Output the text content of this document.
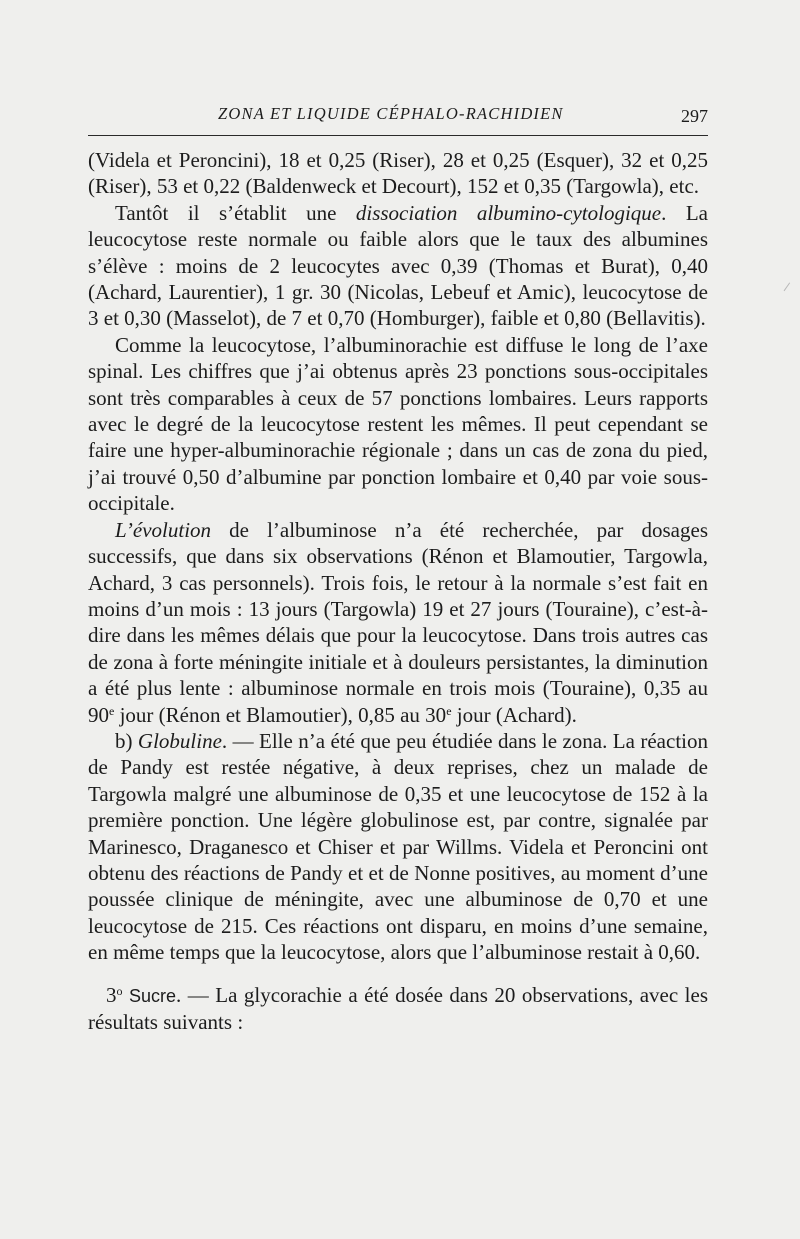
ZONA ET LIQUIDE CÉPHALO-RACHIDIEN	297

(Videla et Peroncini), 18 et 0,25 (Riser), 28 et 0,25 (Esquer), 32 et 0,25 (Riser), 53 et 0,22 (Baldenweck et Decourt), 152 et 0,35 (Targowla), etc.

Tantôt il s’établit une dissociation albumino-cytologique. La leucocytose reste normale ou faible alors que le taux des albumines s’élève : moins de 2 leucocytes avec 0,39 (Thomas et Burat), 0,40 (Achard, Laurentier), 1 gr. 30 (Nicolas, Lebeuf et Amic), leucocytose de 3 et 0,30 (Masselot), de 7 et 0,70 (Homburger), faible et 0,80 (Bellavitis).

Comme la leucocytose, l’albuminorachie est diffuse le long de l’axe spinal. Les chiffres que j’ai obtenus après 23 ponctions sous-occipitales sont très comparables à ceux de 57 ponctions lombaires. Leurs rapports avec le degré de la leucocytose restent les mêmes. Il peut cependant se faire une hyper-albuminorachie régionale ; dans un cas de zona du pied, j’ai trouvé 0,50 d’albumine par ponction lombaire et 0,40 par voie sous-occipitale.

L’évolution de l’albuminose n’a été recherchée, par dosages successifs, que dans six observations (Rénon et Blamoutier, Targowla, Achard, 3 cas personnels). Trois fois, le retour à la normale s’est fait en moins d’un mois : 13 jours (Targowla) 19 et 27 jours (Touraine), c’est-à-dire dans les mêmes délais que pour la leucocytose. Dans trois autres cas de zona à forte méningite initiale et à douleurs persistantes, la diminution a été plus lente : albuminose normale en trois mois (Touraine), 0,35 au 90e jour (Rénon et Blamoutier), 0,85 au 30e jour (Achard).

b) Globuline. — Elle n’a été que peu étudiée dans le zona. La réaction de Pandy est restée négative, à deux reprises, chez un malade de Targowla malgré une albuminose de 0,35 et une leucocytose de 152 à la première ponction. Une légère globulinose est, par contre, signalée par Marinesco, Draganesco et Chiser et par Willms. Videla et Peroncini ont obtenu des réactions de Pandy et et de Nonne positives, au moment d’une poussée clinique de méningite, avec une albuminose de 0,70 et une leucocytose de 215. Ces réactions ont disparu, en moins d’une semaine, en même temps que la leucocytose, alors que l’albuminose restait à 0,60.

3$^o$ Sucre. — La glycorachie a été dosée dans 20 observations, avec les résultats suivants :
